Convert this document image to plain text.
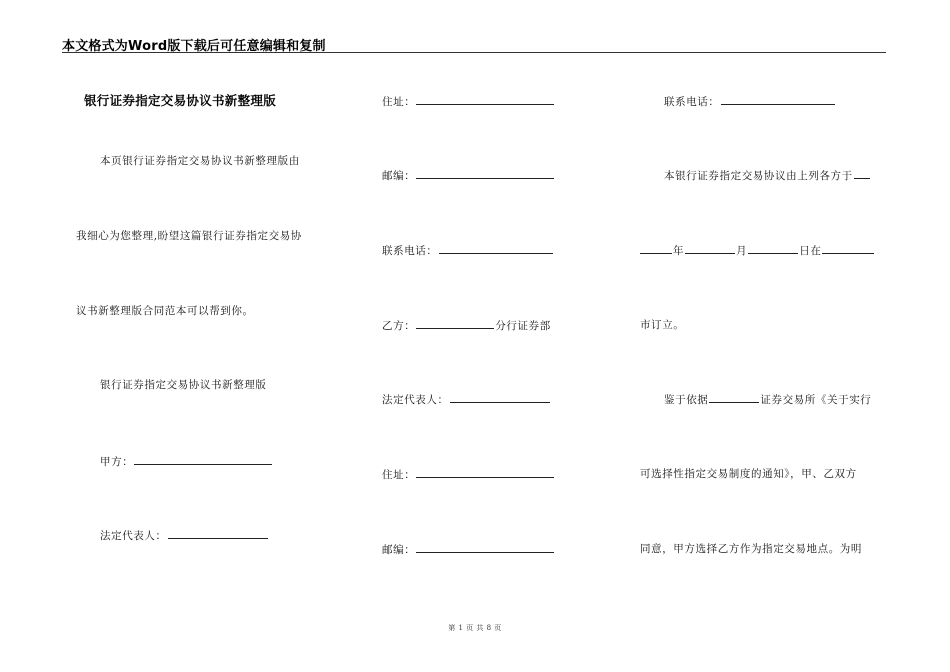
本文格式为Word版下载后可任意编辑和复制
银行证券指定交易协议书新整理版
本页银行证券指定交易协议书新整理版由
我细心为您整理,盼望这篇银行证券指定交易协
议书新整理版合同范本可以帮到你。
银行证券指定交易协议书新整理版
甲方：
法定代表人：
住址：
邮编：
联系电话：
乙方：	分行证券部
法定代表人：
住址：
邮编：
联系电话：
本银行证券指定交易协议由上列各方于
年	月	日在
市订立。
鉴于依据	证券交易所《关于实行
可选择性指定交易制度的通知》，甲、乙双方
同意，甲方选择乙方作为指定交易地点。为明
第 1 页 共 8 页
